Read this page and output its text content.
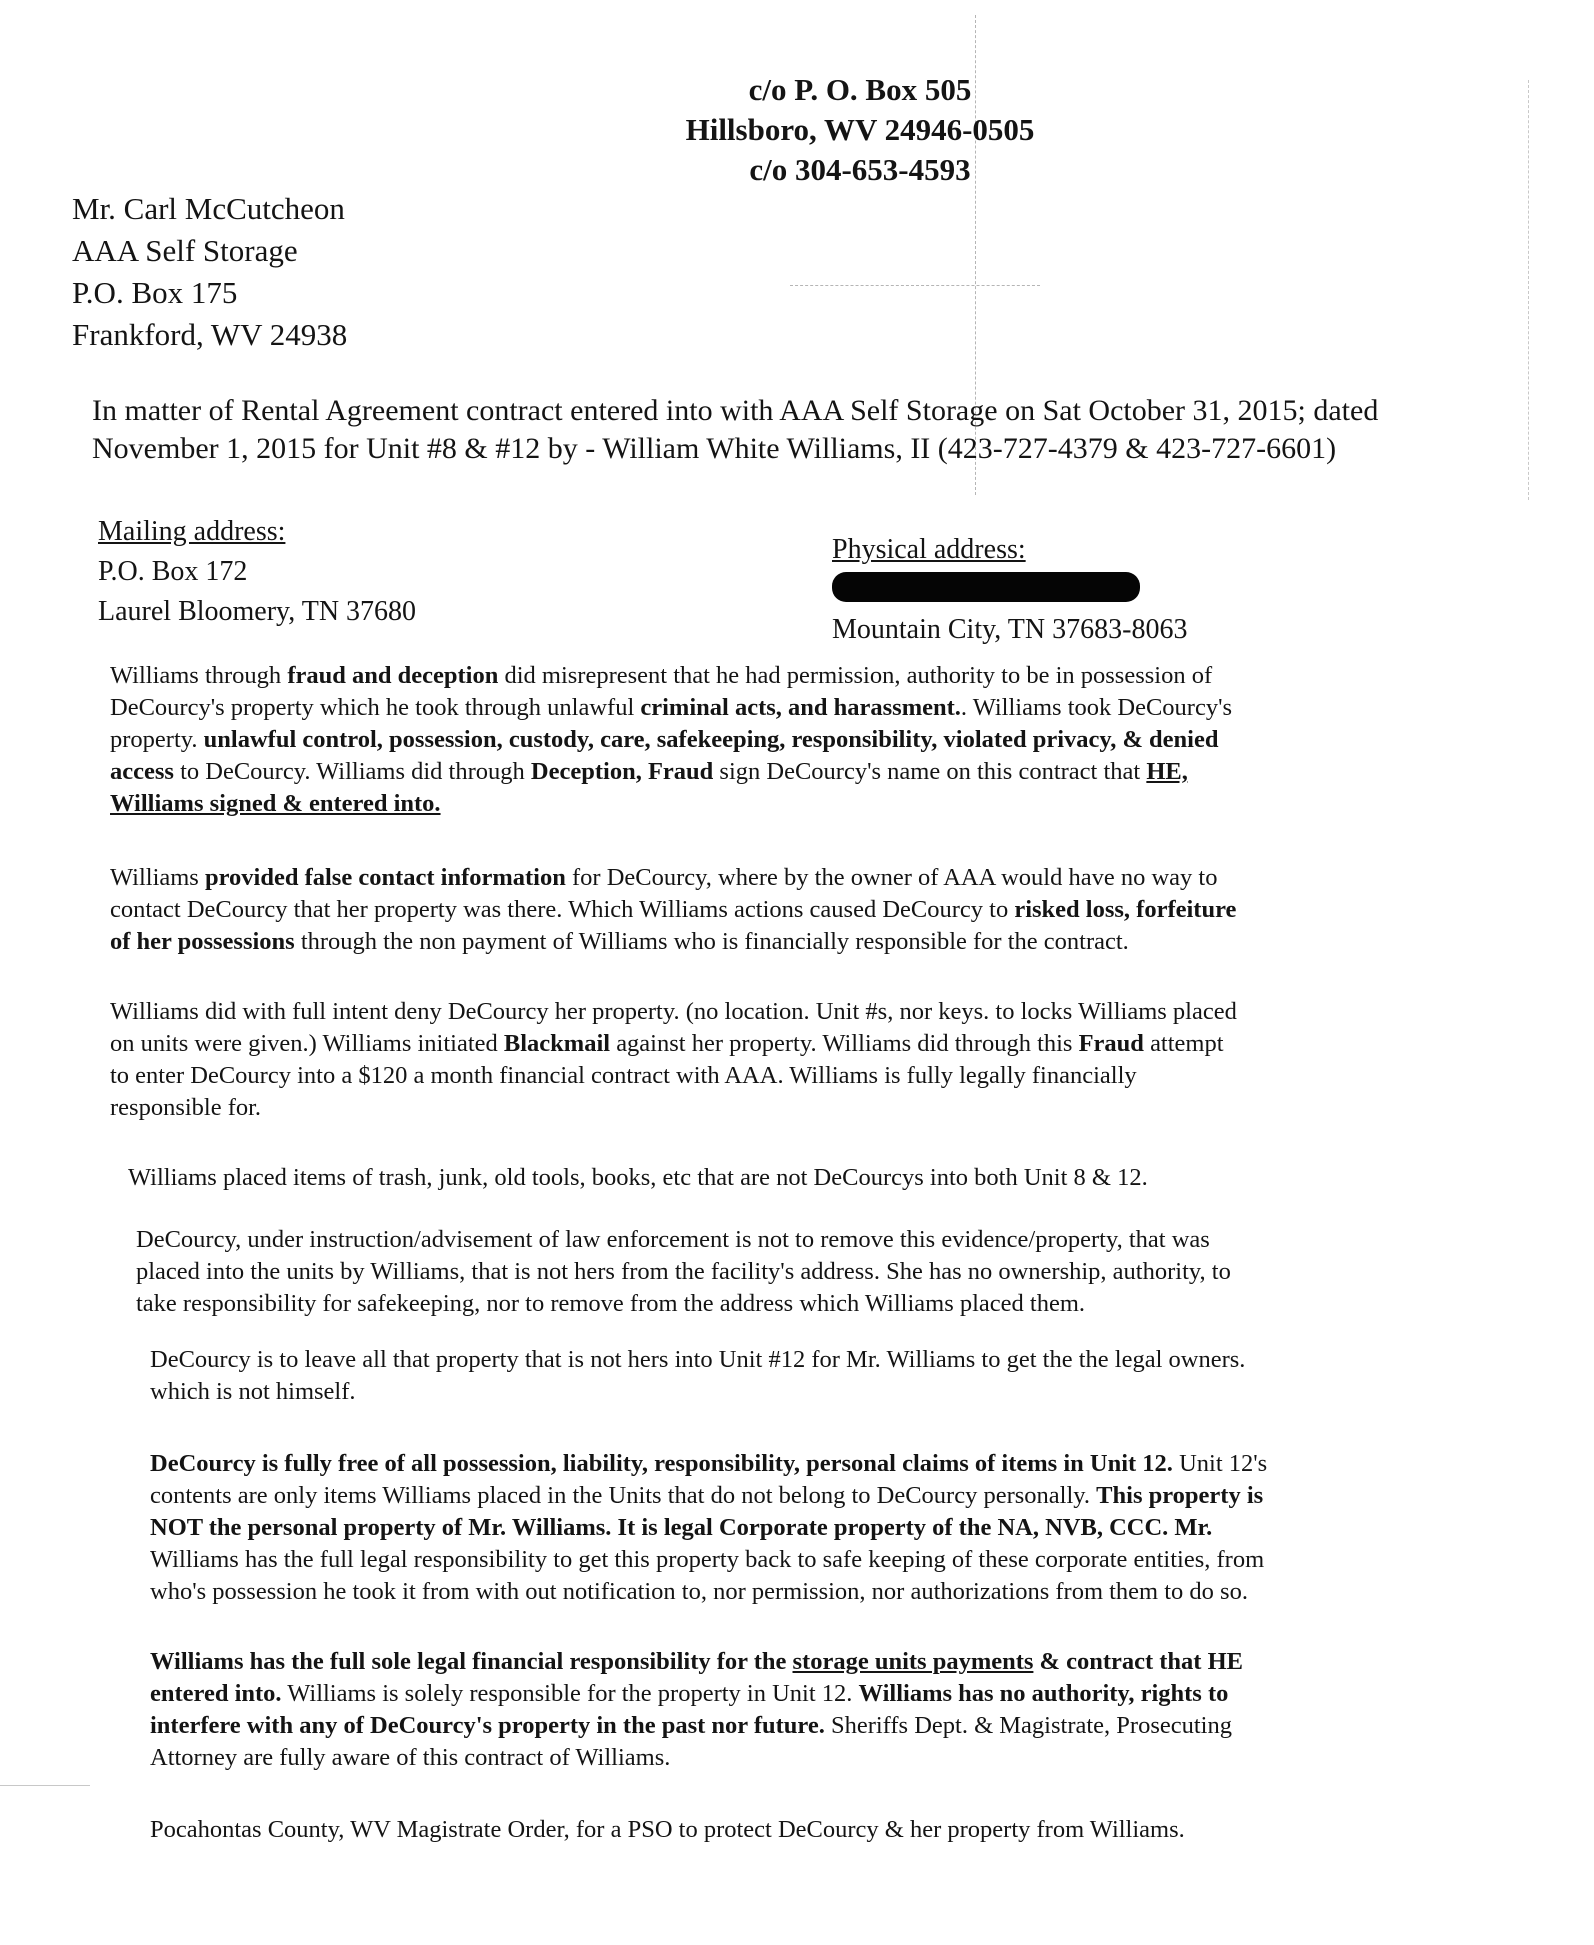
c/o P. O. Box 505

Hillsboro, WV 24946-0505

c/o 304-653-4593

Mr. Carl McCutcheon

AAA Self Storage

P.O. Box 175

Frankford, WV 24938

In matter of Rental Agreement contract entered into with AAA Self Storage on Sat October 31, 2015; dated

November 1, 2015 for Unit #8 & #12 by - William White Williams, II (423-727-4379 & 423-727-6601)

Mailing address:

P.O. Box 172

Laurel Bloomery, TN 37680

Physical address:

Mountain City, TN 37683-8063

Williams through fraud and deception did misrepresent that he had permission, authority to be in possession of

DeCourcy's property which he took through unlawful criminal acts, and harassment.. Williams took DeCourcy's

property. unlawful control, possession, custody, care, safekeeping, responsibility, violated privacy, & denied

access to DeCourcy. Williams did through Deception, Fraud sign DeCourcy's name on this contract that HE,

Williams signed & entered into.

Williams provided false contact information for DeCourcy, where by the owner of AAA would have no way to

contact DeCourcy that her property was there. Which Williams actions caused DeCourcy to risked loss, forfeiture

of her possessions through the non payment of Williams who is financially responsible for the contract.

Williams did with full intent deny DeCourcy her property. (no location. Unit #s, nor keys. to locks Williams placed

on units were given.) Williams initiated Blackmail against her property. Williams did through this Fraud attempt

to enter DeCourcy into a $120 a month financial contract with AAA. Williams is fully legally financially

responsible for.

Williams placed items of trash, junk, old tools, books, etc that are not DeCourcys into both Unit 8 & 12.

DeCourcy, under instruction/advisement of law enforcement is not to remove this evidence/property, that was

placed into the units by Williams, that is not hers from the facility's address. She has no ownership, authority, to

take responsibility for safekeeping, nor to remove from the address which Williams placed them.

DeCourcy is to leave all that property that is not hers into Unit #12 for Mr. Williams to get the the legal owners.

which is not himself.

DeCourcy is fully free of all possession, liability, responsibility, personal claims of items in Unit 12. Unit 12's

contents are only items Williams placed in the Units that do not belong to DeCourcy personally. This property is

NOT the personal property of Mr. Williams. It is legal Corporate property of the NA, NVB, CCC. Mr.

Williams has the full legal responsibility to get this property back to safe keeping of these corporate entities, from

who's possession he took it from with out notification to, nor permission, nor authorizations from them to do so.

Williams has the full sole legal financial responsibility for the storage units payments & contract that HE

entered into. Williams is solely responsible for the property in Unit 12. Williams has no authority, rights to

interfere with any of DeCourcy's property in the past nor future. Sheriffs Dept. & Magistrate, Prosecuting

Attorney are fully aware of this contract of Williams.

Pocahontas County, WV Magistrate Order, for a PSO to protect DeCourcy & her property from Williams.
